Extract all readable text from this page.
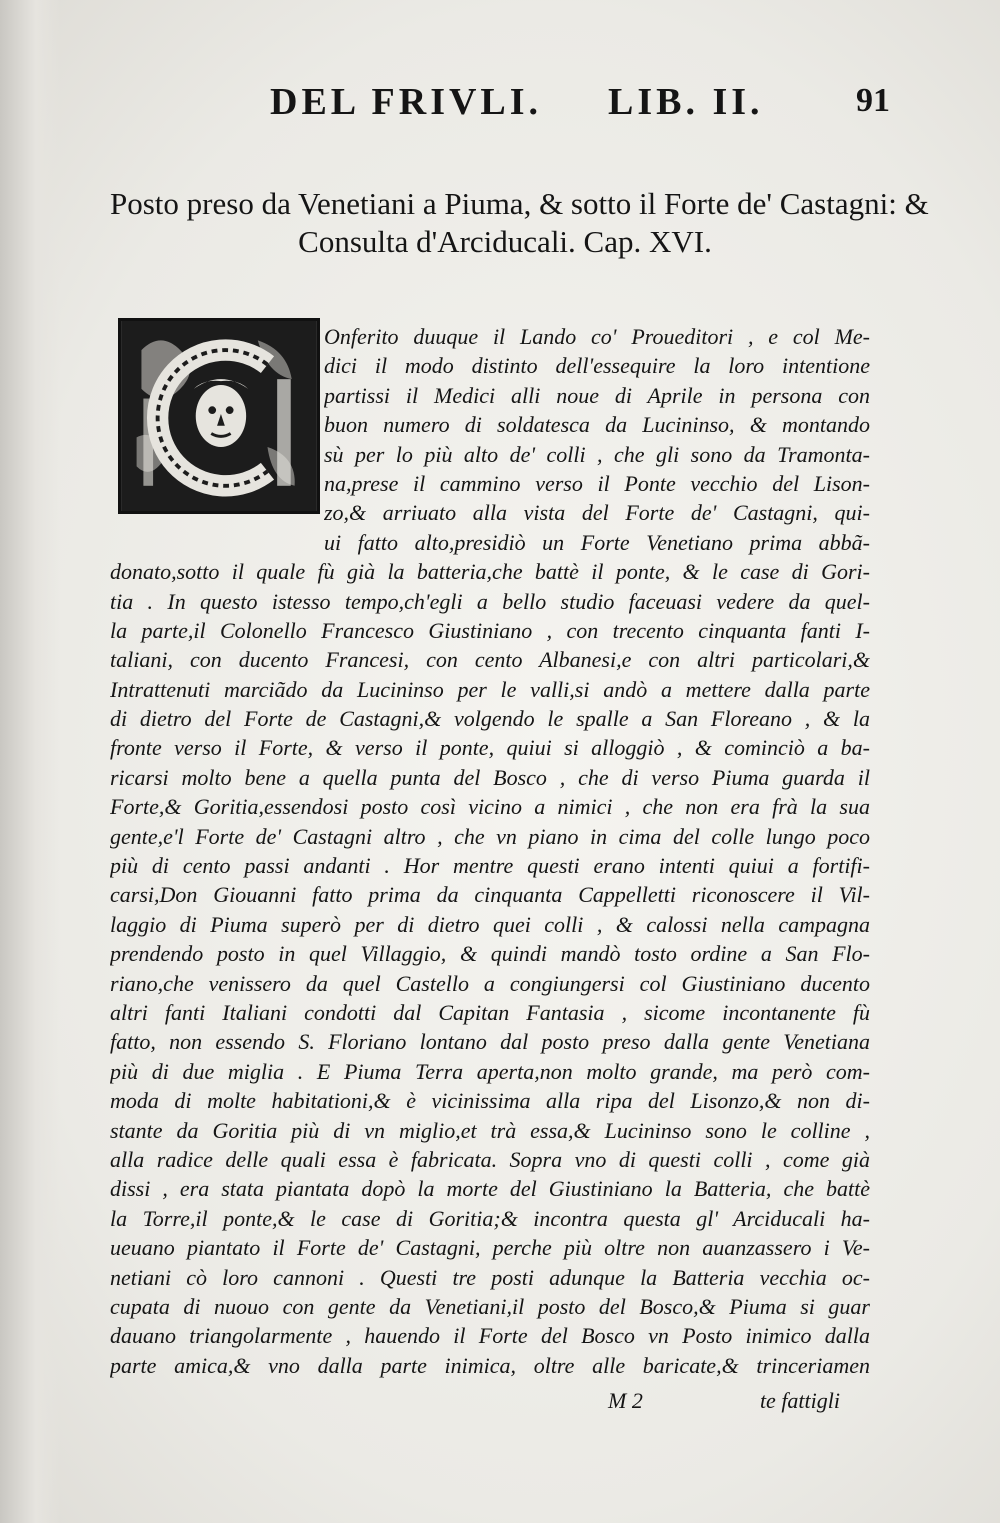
DEL FRIVLI. LIB. II.	91
Posto preso da Venetiani a Piuma, & sotto il Forte de' Castagni: &
Consulta d'Arciducali. Cap. XVI.
Onferito duuque il Lando co' Proueditori , e col Me-
dici il modo distinto dell'essequire la loro intentione
partissi il Medici alli noue di Aprile in persona con
buon numero di soldatesca da Lucininso, & montando
sù per lo più alto de' colli , che gli sono da Tramonta-
na,prese il cammino verso il Ponte vecchio del Lison-
zo,& arriuato alla vista del Forte de' Castagni, qui-
ui fatto alto,presidiò un Forte Venetiano prima abbã-
donato,sotto il quale fù già la batteria,che battè il ponte, & le case di Gori-
tia . In questo istesso tempo,ch'egli a bello studio faceuasi vedere da quel-
la parte,il Colonello Francesco Giustiniano , con trecento cinquanta fanti I-
taliani, con ducento Francesi, con cento Albanesi,e con altri particolari,&
Intrattenuti marciãdo da Lucininso per le valli,si andò a mettere dalla parte
di dietro del Forte de Castagni,& volgendo le spalle a San Floreano , & la
fronte verso il Forte, & verso il ponte, quiui si alloggiò , & cominciò a ba-
ricarsi molto bene a quella punta del Bosco , che di verso Piuma guarda il
Forte,& Goritia,essendosi posto così vicino a nimici , che non era frà la sua
gente,e'l Forte de' Castagni altro , che vn piano in cima del colle lungo poco
più di cento passi andanti . Hor mentre questi erano intenti quiui a fortifi-
carsi,Don Giouanni fatto prima da cinquanta Cappelletti riconoscere il Vil-
laggio di Piuma superò per di dietro quei colli , & calossi nella campagna
prendendo posto in quel Villaggio, & quindi mandò tosto ordine a San Flo-
riano,che venissero da quel Castello a congiungersi col Giustiniano ducento
altri fanti Italiani condotti dal Capitan Fantasia , sicome incontanente fù
fatto, non essendo S. Floriano lontano dal posto preso dalla gente Venetiana
più di due miglia . E Piuma Terra aperta,non molto grande, ma però com-
moda di molte habitationi,& è vicinissima alla ripa del Lisonzo,& non di-
stante da Goritia più di vn miglio,et trà essa,& Lucininso sono le colline ,
alla radice delle quali essa è fabricata. Sopra vno di questi colli , come già
dissi , era stata piantata dopò la morte del Giustiniano la Batteria, che battè
la Torre,il ponte,& le case di Goritia;& incontra questa gl' Arciducali ha-
ueuano piantato il Forte de' Castagni, perche più oltre non auanzassero i Ve-
netiani cò loro cannoni . Questi tre posti adunque la Batteria vecchia oc-
cupata di nuouo con gente da Venetiani,il posto del Bosco,& Piuma si guar
dauano triangolarmente , hauendo il Forte del Bosco vn Posto inimico dalla
parte amica,& vno dalla parte inimica, oltre alle baricate,& trinceriamen
M 2	te fattigli
